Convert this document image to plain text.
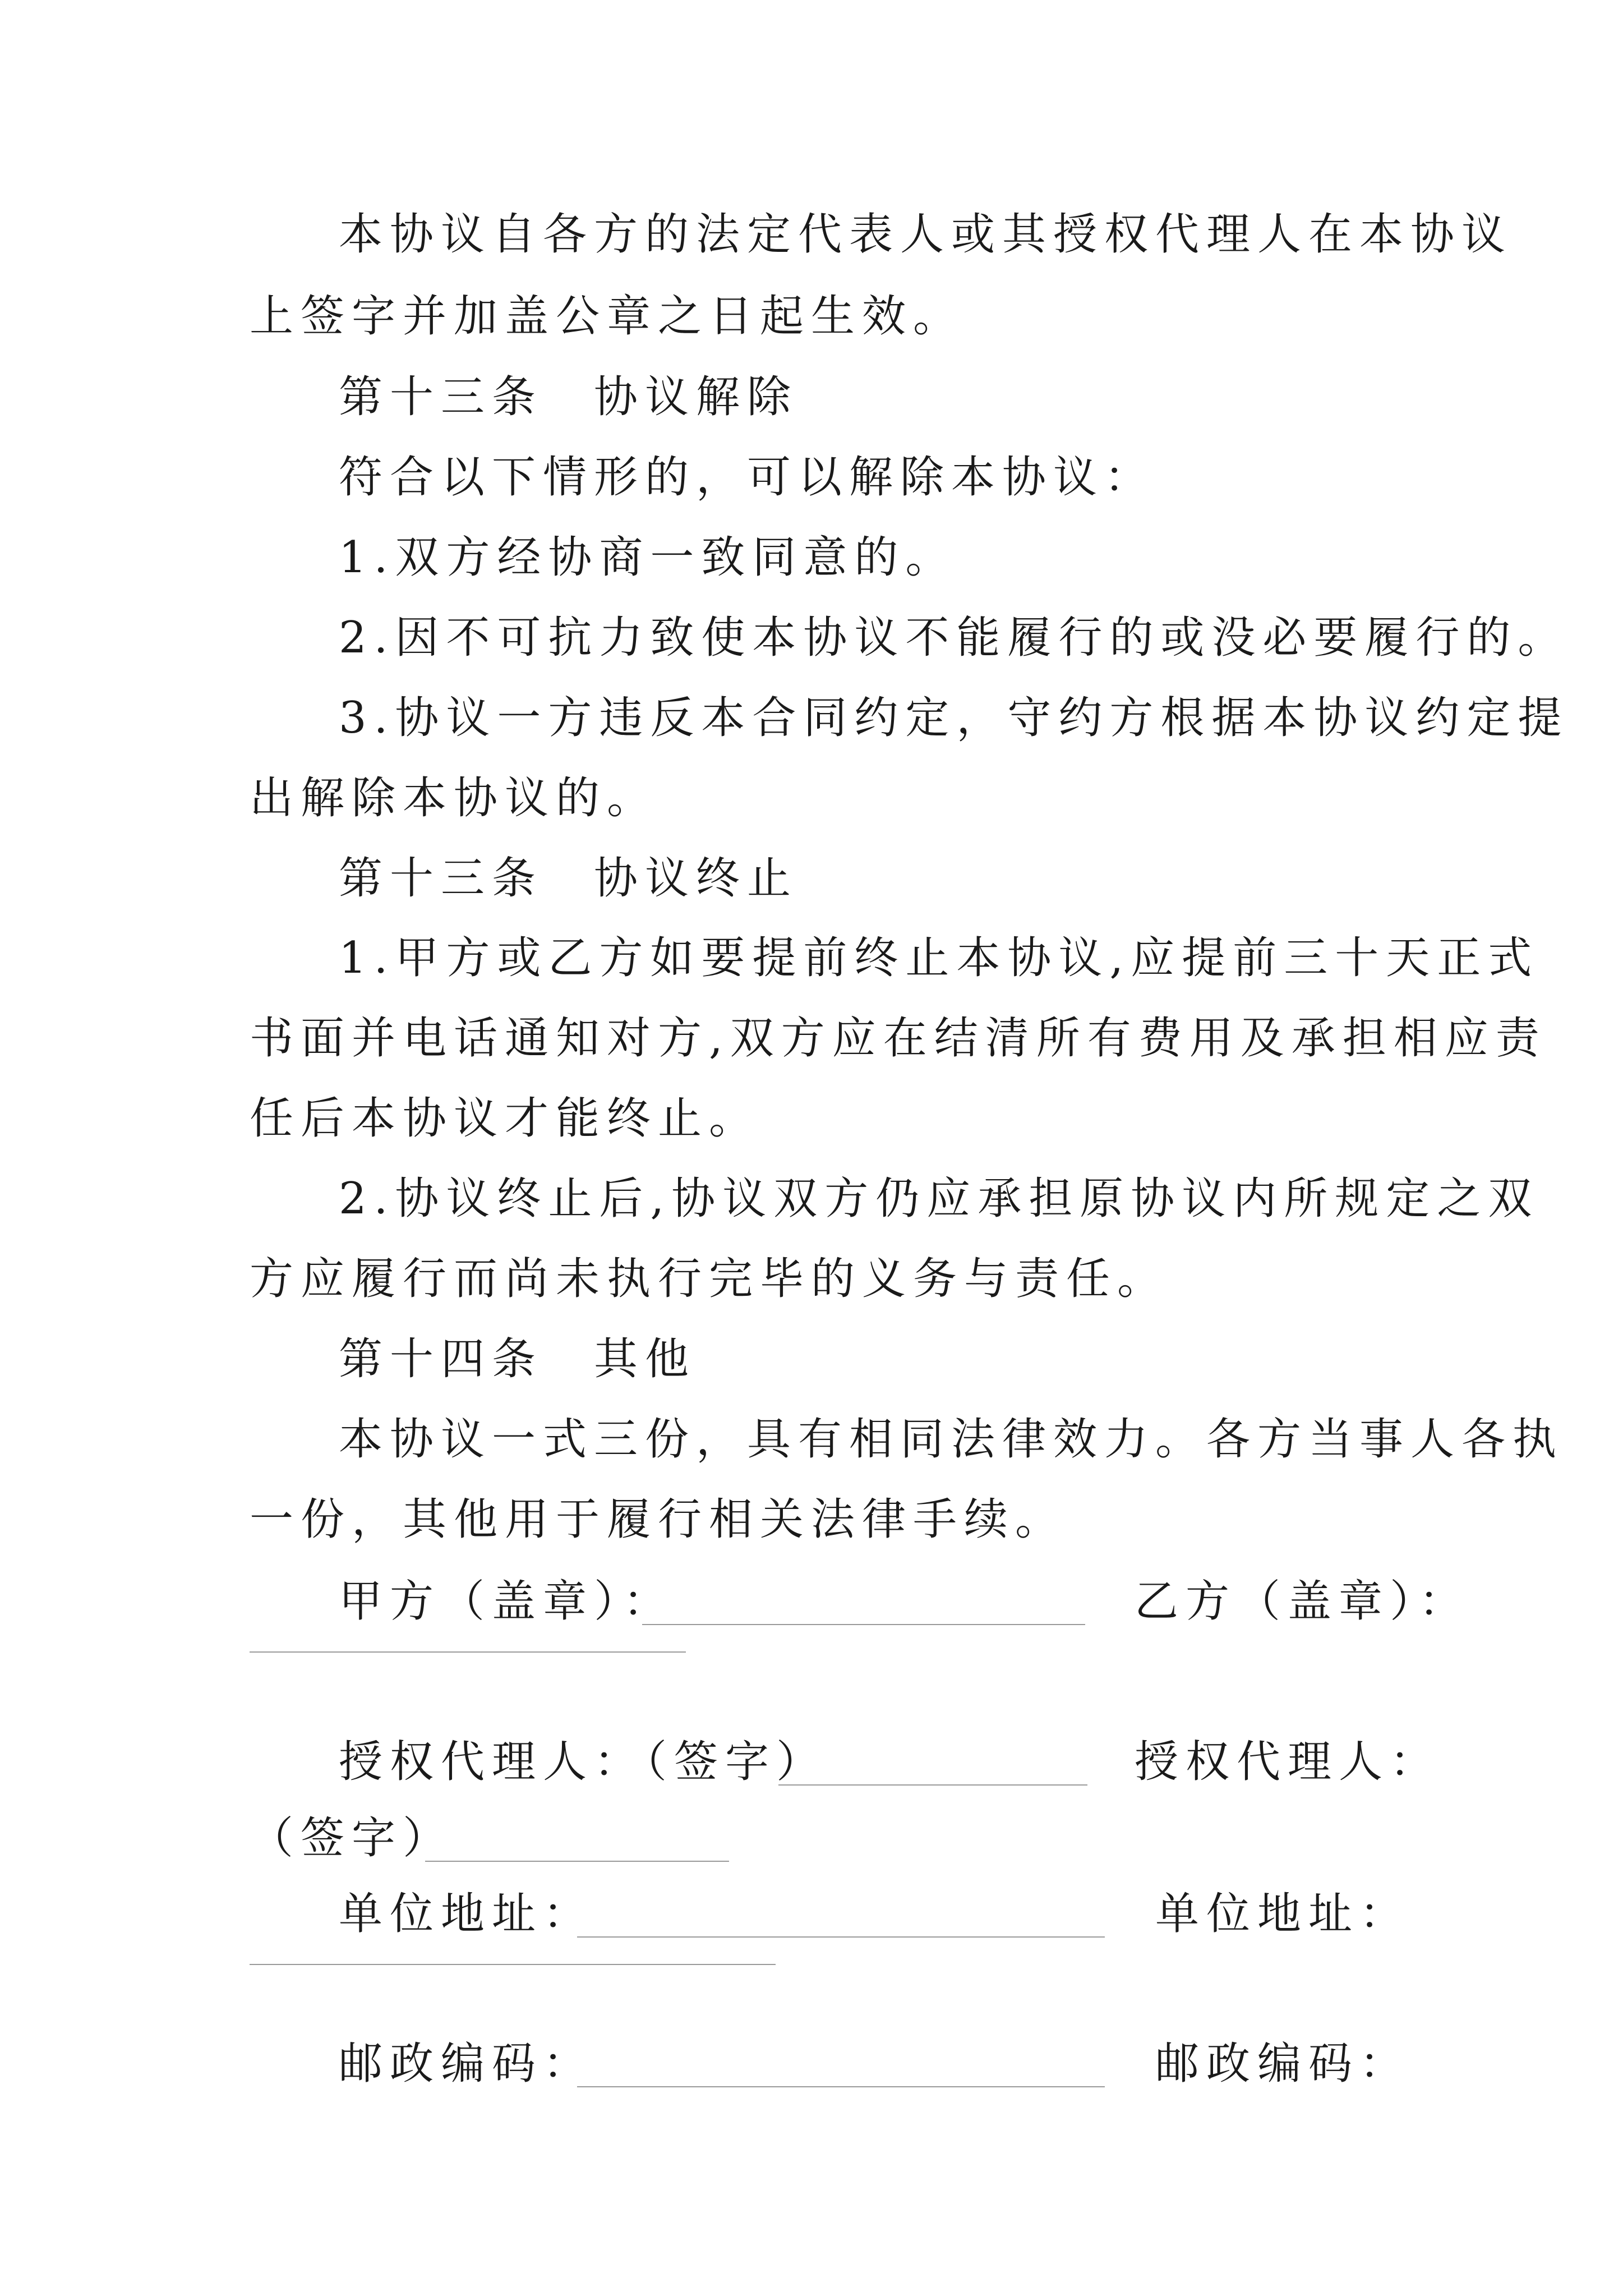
本协议自各方的法定代表人或其授权代理人在本协议
上签字并加盖公章之日起生效。
第十三条　协议解除
符合以下情形的，可以解除本协议：
1.双方经协商一致同意的。
2.因不可抗力致使本协议不能履行的或没必要履行的。
3.协议一方违反本合同约定，守约方根据本协议约定提
出解除本协议的。
第十三条　协议终止
1.甲方或乙方如要提前终止本协议,应提前三十天正式
书面并电话通知对方,双方应在结清所有费用及承担相应责
任后本协议才能终止。
2.协议终止后,协议双方仍应承担原协议内所规定之双
方应履行而尚未执行完毕的义务与责任。
第十四条　其他
本协议一式三份，具有相同法律效力。各方当事人各执
一份，其他用于履行相关法律手续。
甲方（盖章）：	乙方（盖章）：
授权代理人：（签字）	授权代理人：
（签字）
单位地址：	单位地址：
邮政编码：	邮政编码：
